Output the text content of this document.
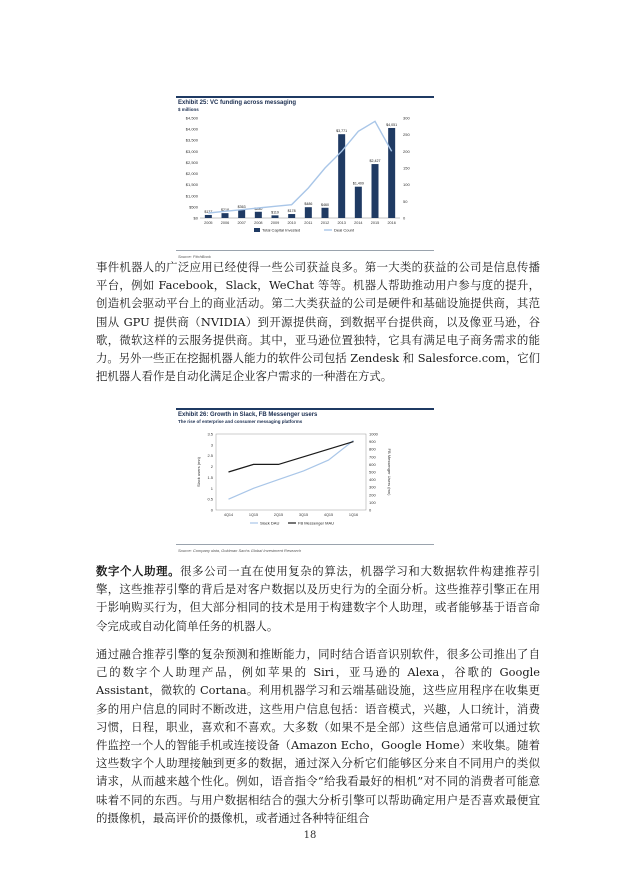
Exhibit 25: VC funding across messaging
$ millions
$4,500
$4,000
$3,500
$3,000
$2,500
$2,000
$1,500
$1,000
$500
$0
300
250
200
150
100
50
0
$137 $218
$363 $280
$119 $178
$486 $460
$3,771
$1,409
$2,427
$4,051
2005 2006 2007 2008 2009 2010 2011 2012 2013 2014 2015 2016
Total Capital Invested	Deal Count
Source: PitchBook

事件机器人的广泛应用已经使得一些公司获益良多。第一大类的获益的公司是信息传播平台，例如 Facebook，Slack，WeChat 等等。机器人帮助推动用户参与度的提升，创造机会驱动平台上的商业活动。第二大类获益的公司是硬件和基础设施提供商，其范围从 GPU 提供商（NVIDIA）到开源提供商，到数据平台提供商，以及像亚马逊，谷歌，微软这样的云服务提供商。其中，亚马逊位置独特，它具有满足电子商务需求的能力。另外一些正在挖掘机器人能力的软件公司包括 Zendesk 和 Salesforce.com，它们把机器人看作是自动化满足企业客户需求的一种潜在方式。

Exhibit 26: Growth in Slack, FB Messenger users
The rise of enterprise and consumer messaging platforms
3.5
3
2.5
2
1.5
1
0.5
0
1000
900
800
700
600
500
400
300
200
100
0
Slack users (mn)	FB Messenger Users (mn)
4Q14	1Q15	2Q15	3Q15	4Q15	1Q16
Slack DAU	FB Messenger MAU
Source: Company data, Goldman Sachs Global Investment Research

数字个人助理。很多公司一直在使用复杂的算法，机器学习和大数据软件构建推荐引擎，这些推荐引擎的背后是对客户数据以及历史行为的全面分析。这些推荐引擎正在用于影响购买行为，但大部分相同的技术是用于构建数字个人助理，或者能够基于语音命令完成或自动化简单任务的机器人。

通过融合推荐引擎的复杂预测和推断能力，同时结合语音识别软件，很多公司推出了自己的数字个人助理产品，例如苹果的 Siri，亚马逊的 Alexa，谷歌的 Google Assistant，微软的 Cortana。利用机器学习和云端基础设施，这些应用程序在收集更多的用户信息的同时不断改进，这些用户信息包括：语音模式，兴趣，人口统计，消费习惯，日程，职业，喜欢和不喜欢。大多数（如果不是全部）这些信息通常可以通过软件监控一个人的智能手机或连接设备（Amazon Echo，Google Home）来收集。随着这些数字个人助理接触到更多的数据，通过深入分析它们能够区分来自不同用户的类似请求，从而越来越个性化。例如，语音指令“给我看最好的相机”对不同的消费者可能意味着不同的东西。与用户数据相结合的强大分析引擎可以帮助确定用户是否喜欢最便宜的摄像机，最高评价的摄像机，或者通过各种特征组合

18
